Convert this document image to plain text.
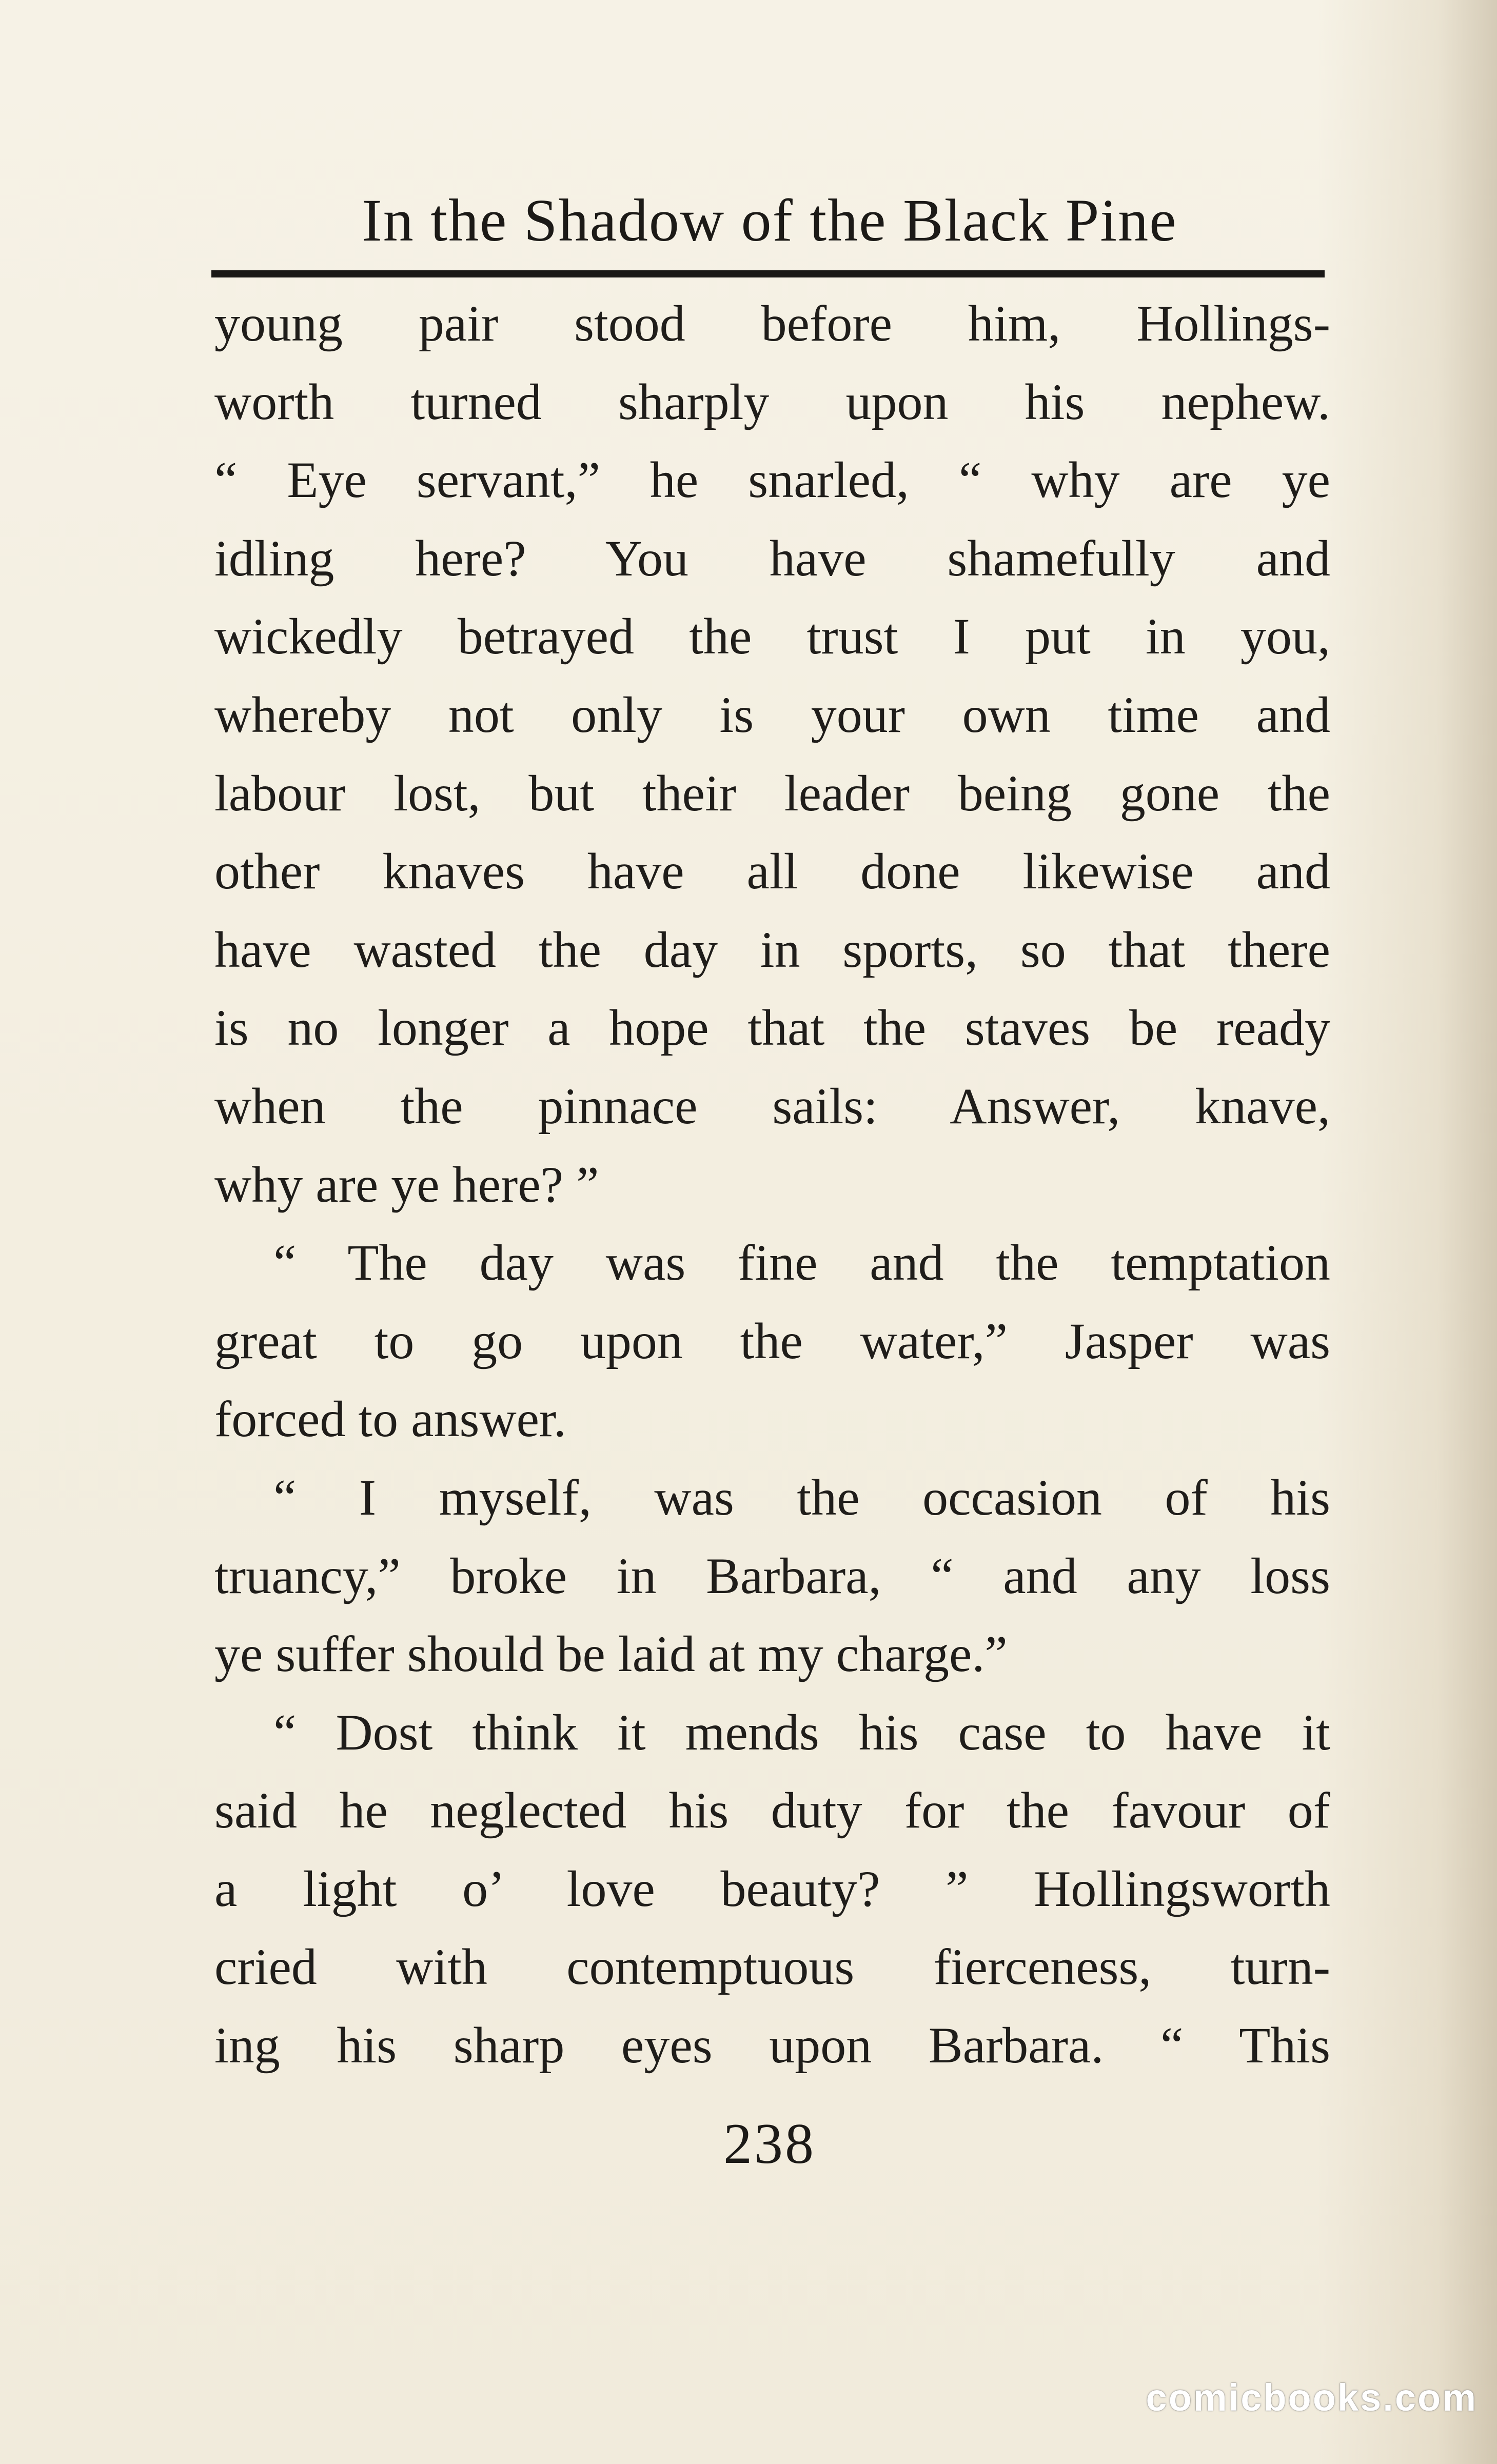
In the Shadow of the Black Pine
young pair stood before him, Hollings-
worth turned sharply upon his nephew.
“ Eye servant,” he snarled, “ why are ye
idling here? You have shamefully and
wickedly betrayed the trust I put in you,
whereby not only is your own time and
labour lost, but their leader being gone the
other knaves have all done likewise and
have wasted the day in sports, so that there
is no longer a hope that the staves be ready
when the pinnace sails: Answer, knave,
why are ye here? ”
“ The day was fine and the temptation
great to go upon the water,” Jasper was
forced to answer.
“ I myself, was the occasion of his
truancy,” broke in Barbara, “ and any loss
ye suffer should be laid at my charge.”
“ Dost think it mends his case to have it
said he neglected his duty for the favour of
a light o’ love beauty? ” Hollingsworth
cried with contemptuous fierceness, turn-
ing his sharp eyes upon Barbara. “ This
238
comicbooks.com
